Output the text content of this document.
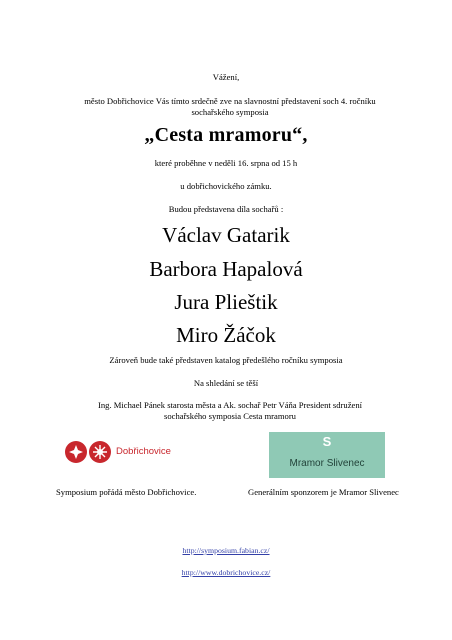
Vážení,
město Dobřichovice Vás tímto srdečně zve na slavnostní představení soch 4. ročníku
sochařského symposia
„Cesta mramoru“,
které proběhne v neděli 16. srpna od 15 h
u dobřichovického zámku.
Budou představena díla sochařů :
Václav Gatarik
Barbora Hapalová
Jura Plieštik
Miro Žáčok
Zároveň bude také představen katalog předešlého ročníku symposia
Na shledání se těší
Ing. Michael Pánek starosta města a Ak. sochař Petr Váňa President sdružení
sochařského symposia Cesta mramoru
Dobřichovice
S
Mramor Slivenec
Symposium pořádá město Dobřichovice.	Generálním sponzorem je Mramor Slivenec
http://symposium.fabian.cz/
http://www.dobrichovice.cz/
